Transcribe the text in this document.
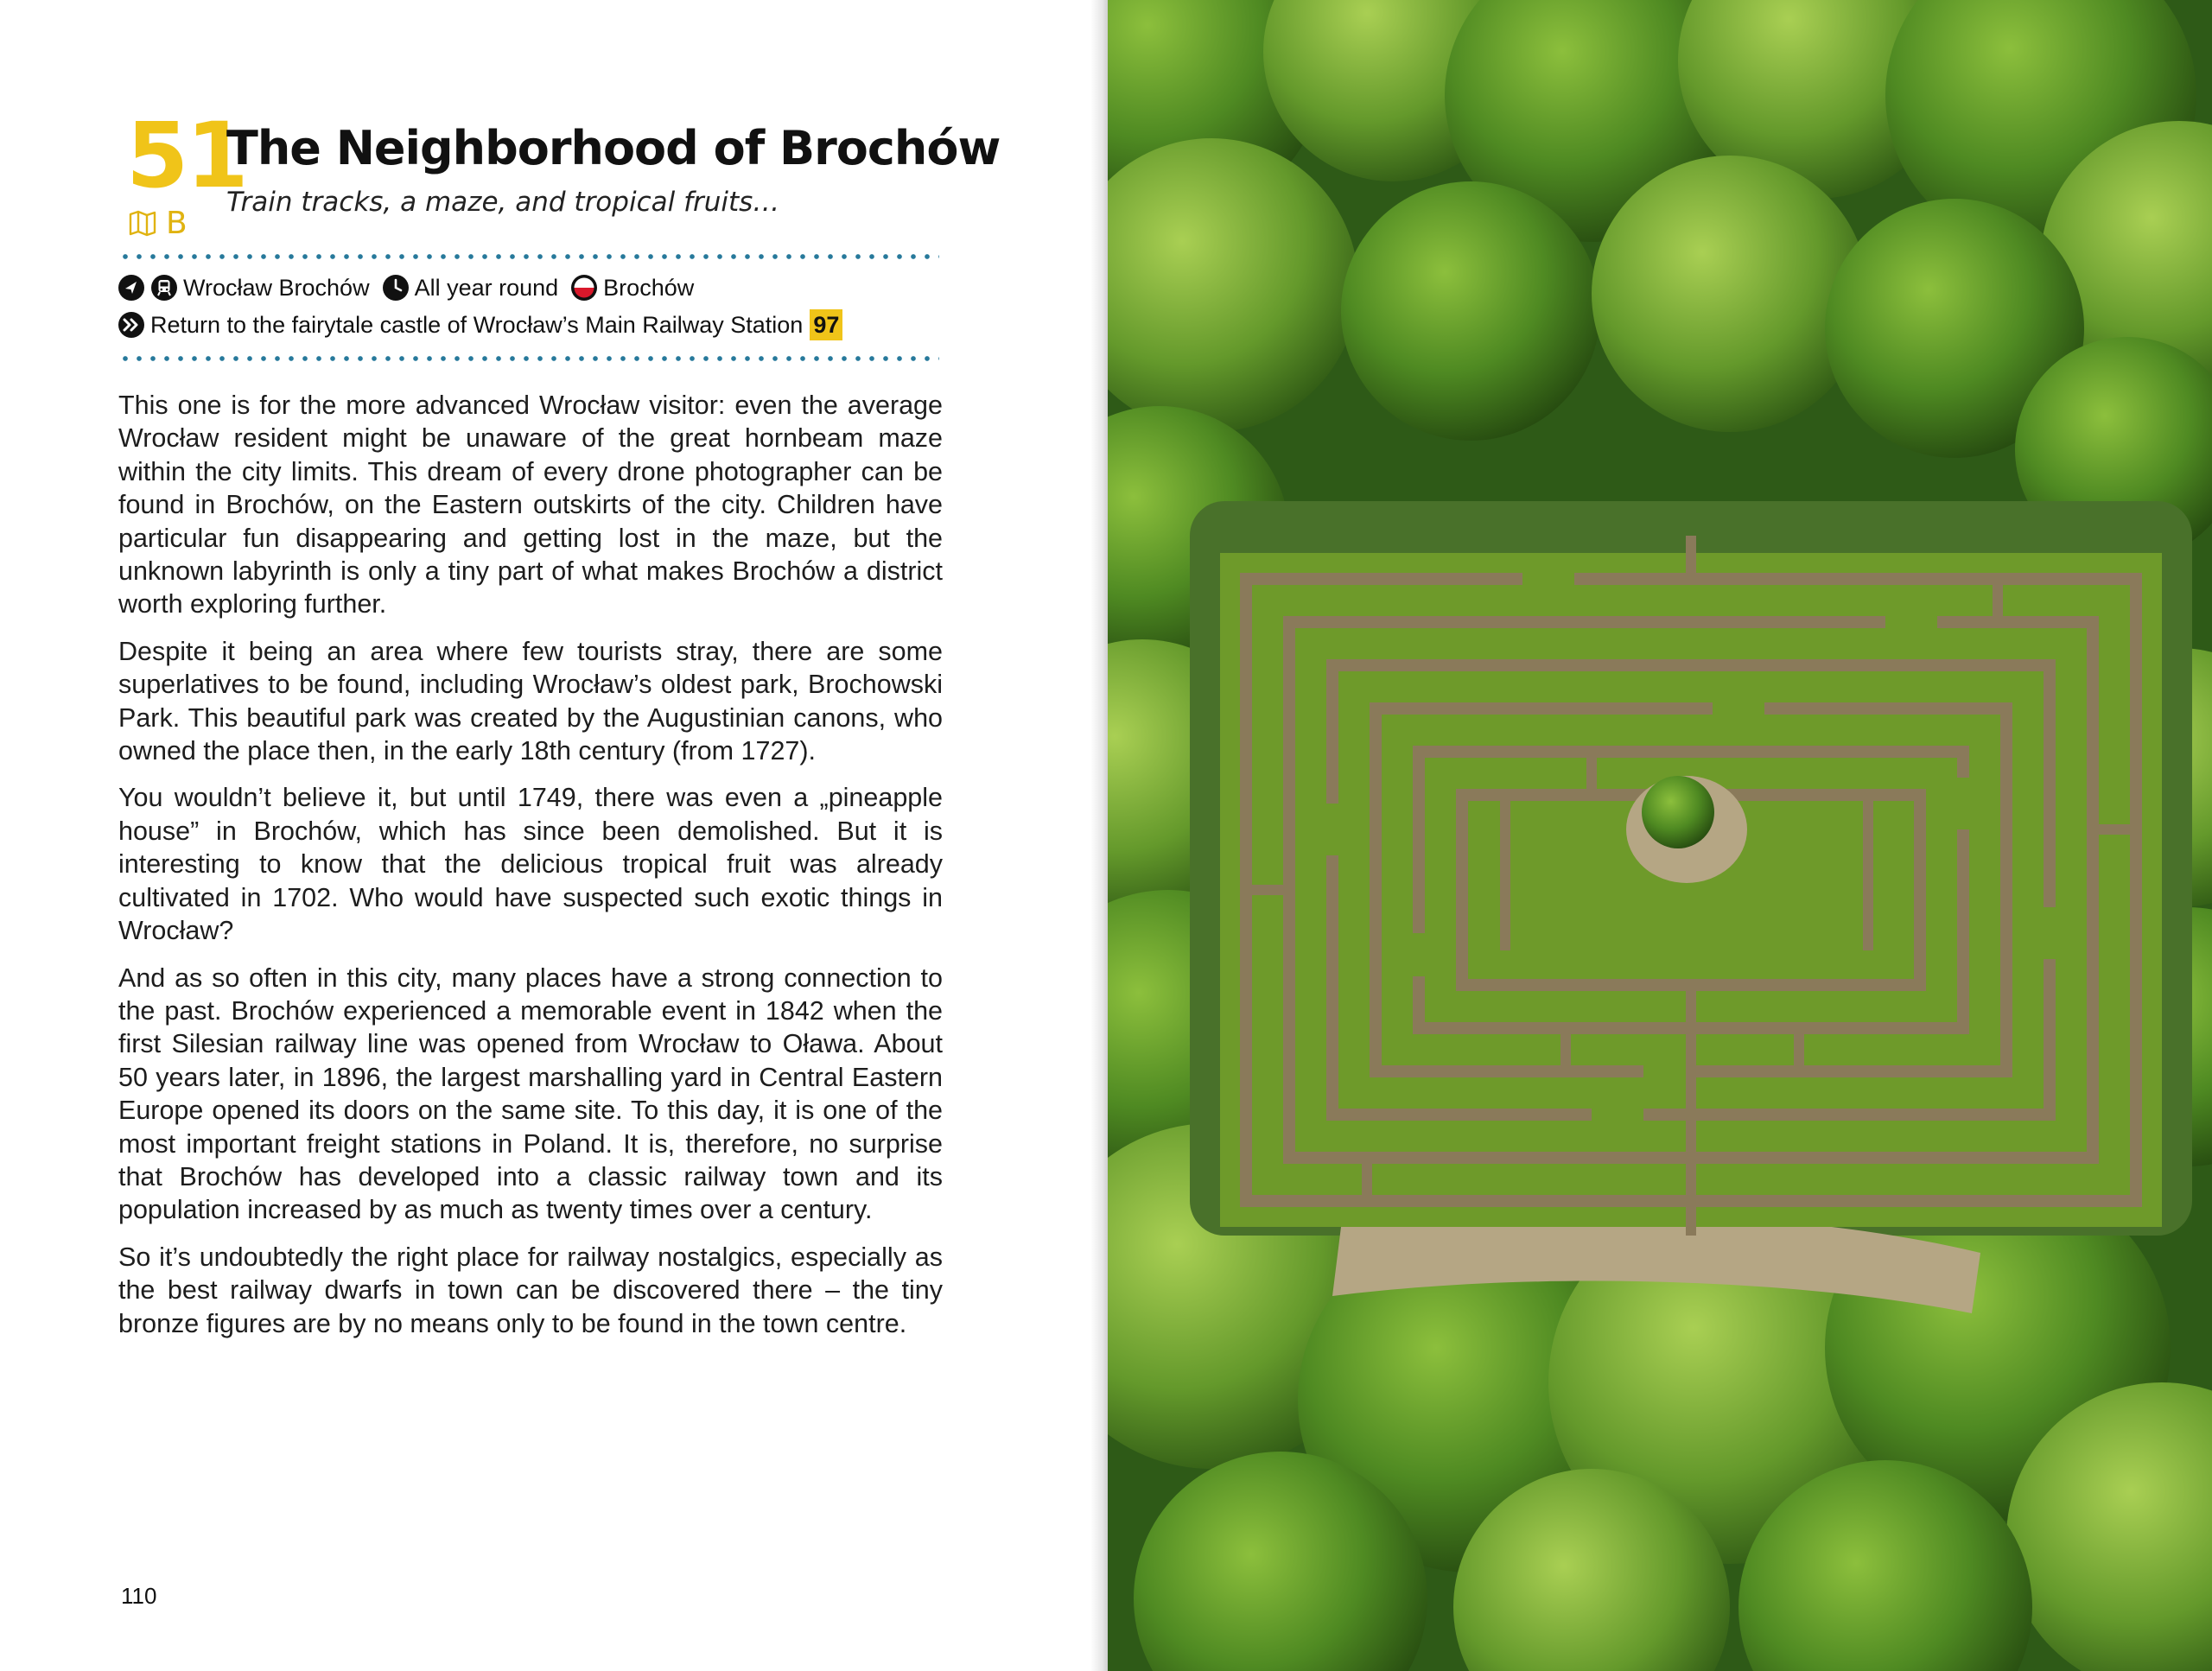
51
B
The Neighborhood of Brochów
Train tracks, a maze, and tropical fruits…
Wrocław Brochów All year round Brochów
Return to the fairytale castle of Wrocław’s Main Railway Station 97

This one is for the more advanced Wrocław visitor: even the average Wrocław resident might be unaware of the great hornbeam maze within the city limits. This dream of every drone photographer can be found in Brochów, on the Eastern outskirts of the city. Children have particular fun disappearing and getting lost in the maze, but the unknown labyrinth is only a tiny part of what makes Brochów a district worth exploring further.

Despite it being an area where few tourists stray, there are some superlatives to be found, including Wrocław’s oldest park, Brochowski Park. This beautiful park was created by the Augustinian canons, who owned the place then, in the early 18th century (from 1727).

You wouldn’t believe it, but until 1749, there was even a „pineapple house” in Brochów, which has since been demolished. But it is interesting to know that the delicious tropical fruit was already cultivated in 1702. Who would have suspected such exotic things in Wrocław?

And as so often in this city, many places have a strong connection to the past. Brochów experienced a memorable event in 1842 when the first Silesian railway line was opened from Wrocław to Oława. About 50 years later, in 1896, the largest marshalling yard in Central Eastern Europe opened its doors on the same site. To this day, it is one of the most important freight stations in Poland. It is, therefore, no surprise that Brochów has developed into a classic railway town and its population increased by as much as twenty times over a century.

So it’s undoubtedly the right place for railway nostalgics, especially as the best railway dwarfs in town can be discovered there – the tiny bronze figures are by no means only to be found in the town centre.

110
